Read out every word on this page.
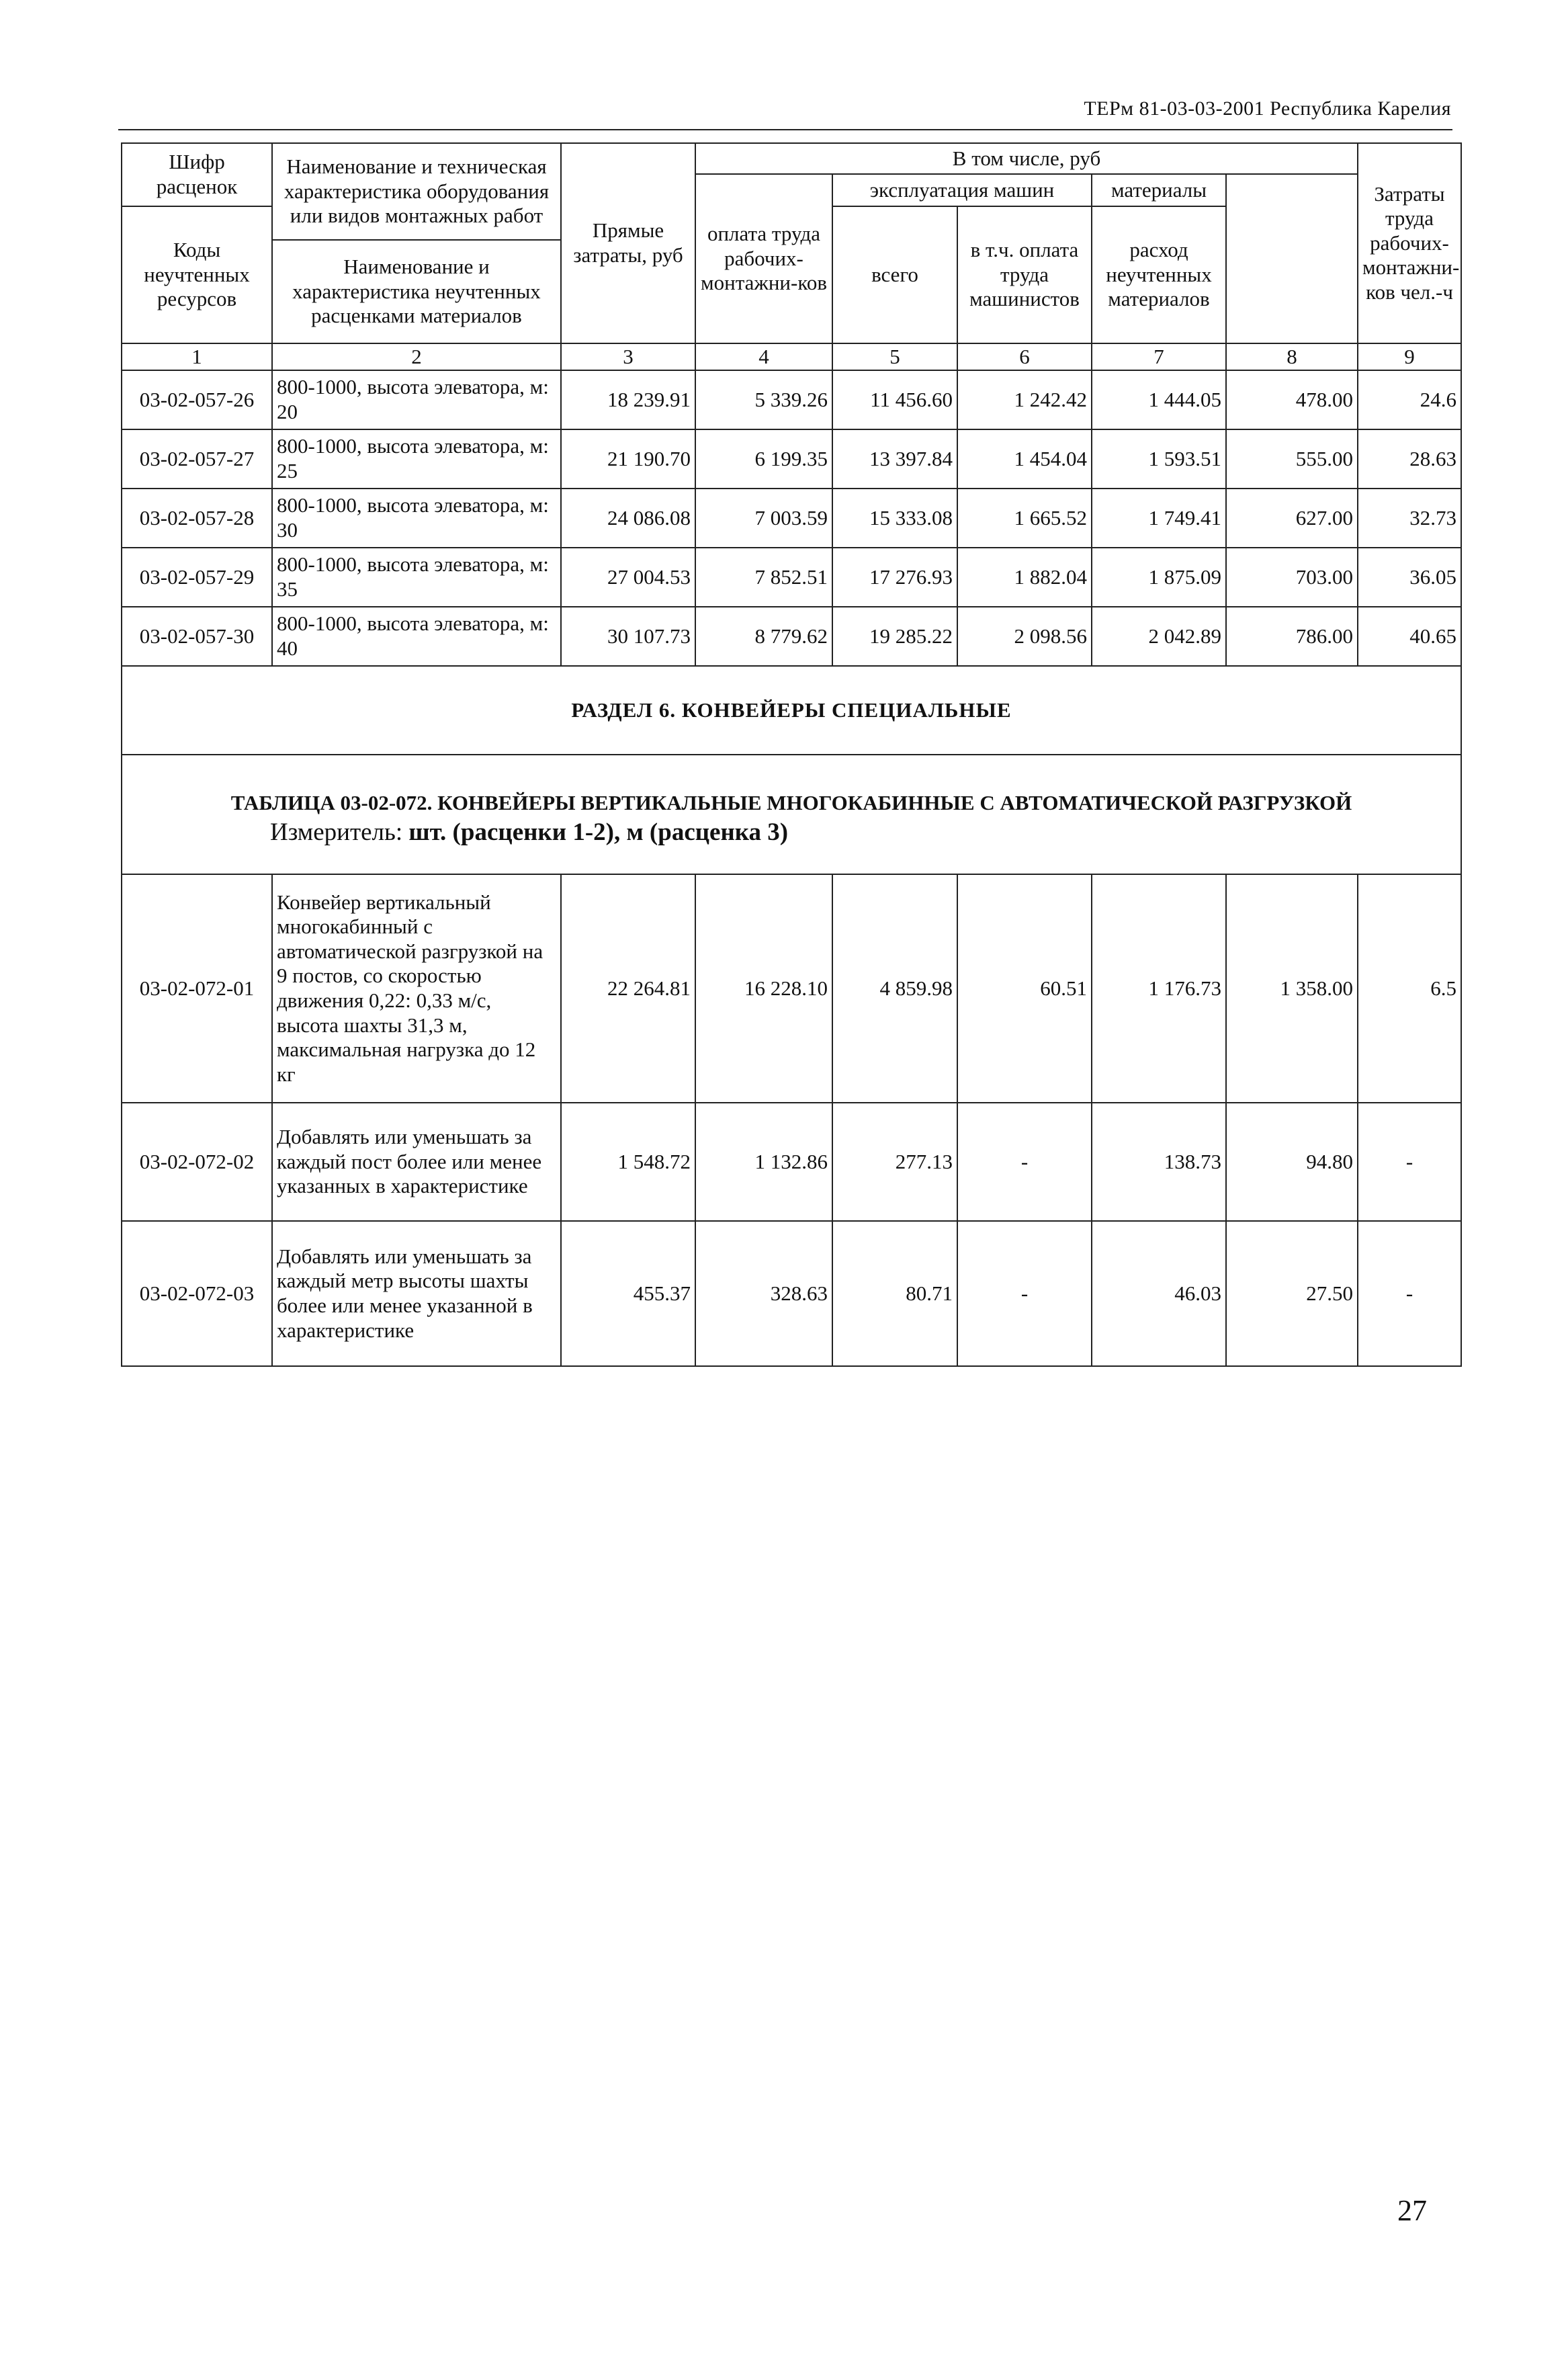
ТЕРм 81-03-03-2001 Республика Карелия
Шифр расценок	Наименование и техническая характеристика оборудования или видов монтажных работ	Прямые затраты, руб	В том числе, руб					Затраты труда рабочих-монтажни-ков чел.-ч	
			оплата труда рабочих-монтажни-ков	эксплуатация машин		материалы			
Коды неучтенных ресурсов				всего	в т.ч. оплата труда машинистов	расход неучтенных материалов			
	Наименование и характеристика неучтенных расценками материалов								

1	2	3	4	5	6	7	8	9	
03-02-057-26	800-1000, высота элеватора, м: 20	18 239.91	5 339.26	11 456.60	1 242.42	1 444.05	478.00	24.6	
03-02-057-27	800-1000, высота элеватора, м: 25	21 190.70	6 199.35	13 397.84	1 454.04	1 593.51	555.00	28.63	
03-02-057-28	800-1000, высота элеватора, м: 30	24 086.08	7 003.59	15 333.08	1 665.52	1 749.41	627.00	32.73	
03-02-057-29	800-1000, высота элеватора, м: 35	27 004.53	7 852.51	17 276.93	1 882.04	1 875.09	703.00	36.05	
03-02-057-30	800-1000, высота элеватора, м: 40	30 107.73	8 779.62	19 285.22	2 098.56	2 042.89	786.00	40.65	
РАЗДЕЛ 6. КОНВЕЙЕРЫ СПЕЦИАЛЬНЫЕ									
ТАБЛИЦА 03-02-072. КОНВЕЙЕРЫ ВЕРТИКАЛЬНЫЕ МНОГОКАБИННЫЕ С АВТОМАТИЧЕСКОЙ РАЗГРУЗКОЙ
Измеритель: шт. (расценки 1-2), м (расценка 3)									

03-02-072-01	Конвейер вертикальный многокабинный с автоматической разгрузкой на 9 постов, со скоростью движения 0,22: 0,33 м/с, высота шахты 31,3 м, максимальная нагрузка до 12 кг	22 264.81	16 228.10	4 859.98	60.51	1 176.73	1 358.00	6.5	
03-02-072-02	Добавлять или уменьшать за каждый пост более или менее указанных в характеристике	1 548.72	1 132.86	277.13	-	138.73	94.80	-	
03-02-072-03	Добавлять или уменьшать за каждый метр высоты шахты более или менее указанной в характеристике	455.37	328.63	80.71	-	46.03	27.50	-	
27
